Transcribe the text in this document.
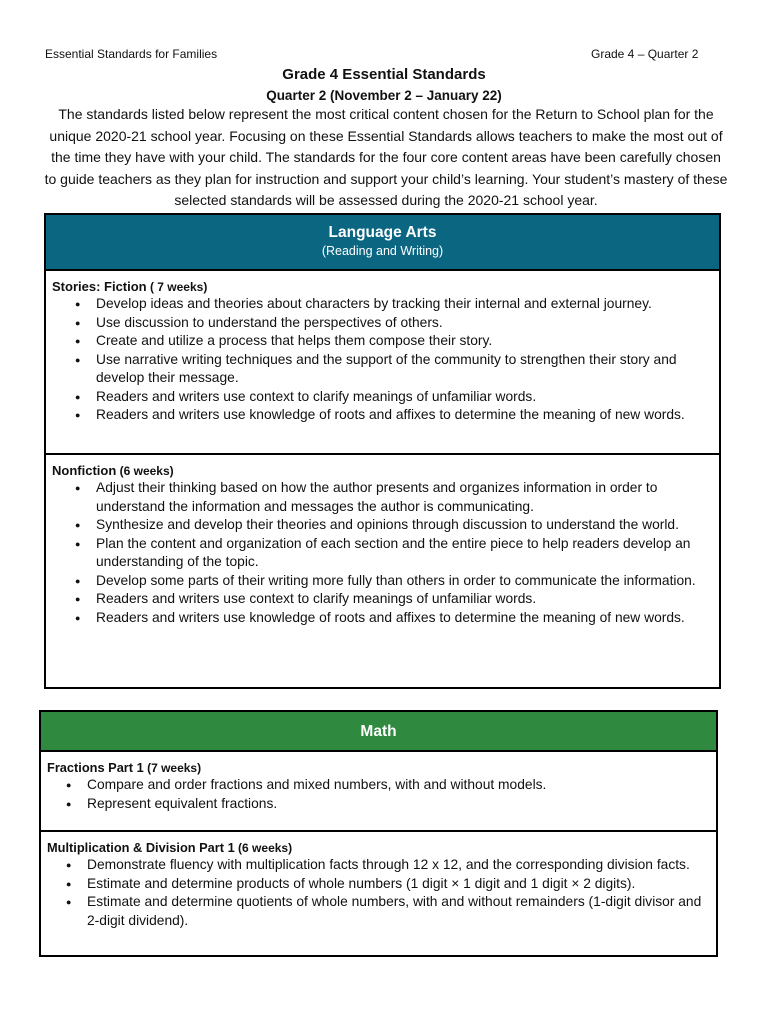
Essential Standards for Families	Grade 4 – Quarter 2
Grade 4 Essential Standards
Quarter 2 (November 2 – January 22)
The standards listed below represent the most critical content chosen for the Return to School plan for the unique 2020-21 school year. Focusing on these Essential Standards allows teachers to make the most out of the time they have with your child. The standards for the four core content areas have been carefully chosen to guide teachers as they plan for instruction and support your child’s learning. Your student’s mastery of these selected standards will be assessed during the 2020-21 school year.
Language Arts
(Reading and Writing)
Stories: Fiction ( 7 weeks)
● Develop ideas and theories about characters by tracking their internal and external journey.
● Use discussion to understand the perspectives of others.
● Create and utilize a process that helps them compose their story.
● Use narrative writing techniques and the support of the community to strengthen their story and develop their message.
● Readers and writers use context to clarify meanings of unfamiliar words.
● Readers and writers use knowledge of roots and affixes to determine the meaning of new words.
Nonfiction (6 weeks)
● Adjust their thinking based on how the author presents and organizes information in order to understand the information and messages the author is communicating.
● Synthesize and develop their theories and opinions through discussion to understand the world.
● Plan the content and organization of each section and the entire piece to help readers develop an understanding of the topic.
● Develop some parts of their writing more fully than others in order to communicate the information.
● Readers and writers use context to clarify meanings of unfamiliar words.
● Readers and writers use knowledge of roots and affixes to determine the meaning of new words.
Math
Fractions Part 1 (7 weeks)
● Compare and order fractions and mixed numbers, with and without models.
● Represent equivalent fractions.
Multiplication & Division Part 1 (6 weeks)
● Demonstrate fluency with multiplication facts through 12 x 12, and the corresponding division facts.
● Estimate and determine products of whole numbers (1 digit × 1 digit and 1 digit × 2 digits).
● Estimate and determine quotients of whole numbers, with and without remainders (1-digit divisor and 2-digit dividend).
